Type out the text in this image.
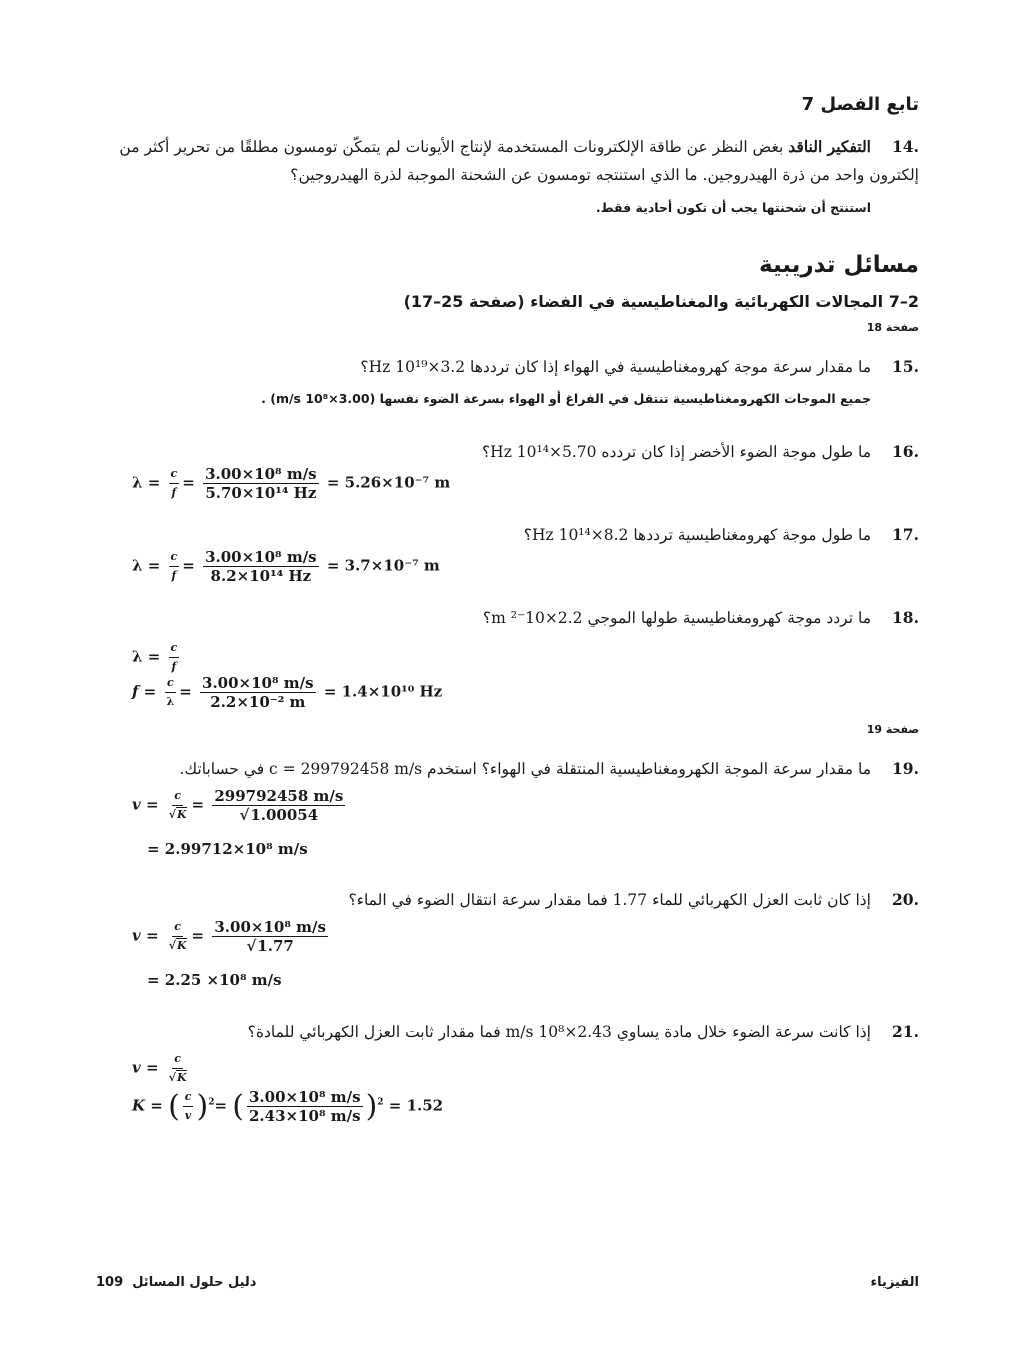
تابع الفصل 7
.14التفكير الناقد بغض النظر عن طاقة الإلكترونات المستخدمة لإنتاج الأيونات لم يتمكّن تومسون مطلقًا من تحرير أكثر من إلكترون واحد من ذرة الهيدروجين. ما الذي استنتجه تومسون عن الشحنة الموجبة لذرة الهيدروجين؟
استنتج أن شحنتها يجب أن تكون أحادية فقط.
مسائل تدريبية
2–7 المجالات الكهربائية والمغناطيسية في الفضاء (صفحة 25–17)
صفحة 18
.15ما مقدار سرعة موجة كهرومغناطيسية في الهواء إذا كان ترددها 3.2×10¹⁹ Hz؟
جميع الموجات الكهرومغناطيسية تنتقل في الفراغ أو الهواء بسرعة الضوء نفسها (3.00×10⁸ m/s) .
.16ما طول موجة الضوء الأخضر إذا كان تردده 5.70×10¹⁴ Hz؟
$\lambda = \frac{c}{f} = \frac{\text{3.00×10⁸ m/s}}{\text{5.70×10¹⁴ Hz}} = 5.26\times 10^{-7}$ m
.17ما طول موجة كهرومغناطيسية ترددها 8.2×10¹⁴ Hz؟
$\lambda = \frac{c}{f} = \frac{\text{3.00×10⁸ m/s}}{\text{8.2×10¹⁴ Hz}} = 3.7\times 10^{-7}$ m
.18ما تردد موجة كهرومغناطيسية طولها الموجي 2.2×10⁻² m؟
$\lambda = \frac{c}{f}$
$f = \frac{c}{\lambda} = \frac{\text{3.00×10⁸ m/s}}{\text{2.2×10⁻² m}} = 1.4\times 10^{10}$ Hz
صفحة 19
.19ما مقدار سرعة الموجة الكهرومغناطيسية المنتقلة في الهواء؟ استخدم c = 299792458 m/s في حساباتك.
$v = \frac{c}{√K} = \frac{299792458 m/s}{√1.00054}$
= 2.99712×10⁸ m/s
.20إذا كان ثابت العزل الكهربائي للماء 1.77 فما مقدار سرعة انتقال الضوء في الماء؟
$v = \frac{c}{√K} = \frac{\text{3.00×10⁸ m/s}}{√1.77}$
= 2.25 ×10⁸ m/s
.21إذا كانت سرعة الضوء خلال مادة يساوي 2.43×10⁸ m/s فما مقدار ثابت العزل الكهربائي للمادة؟
$v = \frac{c}{√K}$
K = ( $\frac{c}{v} )^2=$ ( $\frac{\text{3.00×10⁸ m/s}}{\text{2.43×10⁸ m/s}} )^2 = 1.52$
الفيزياء
109 دليل حلول المسائل
